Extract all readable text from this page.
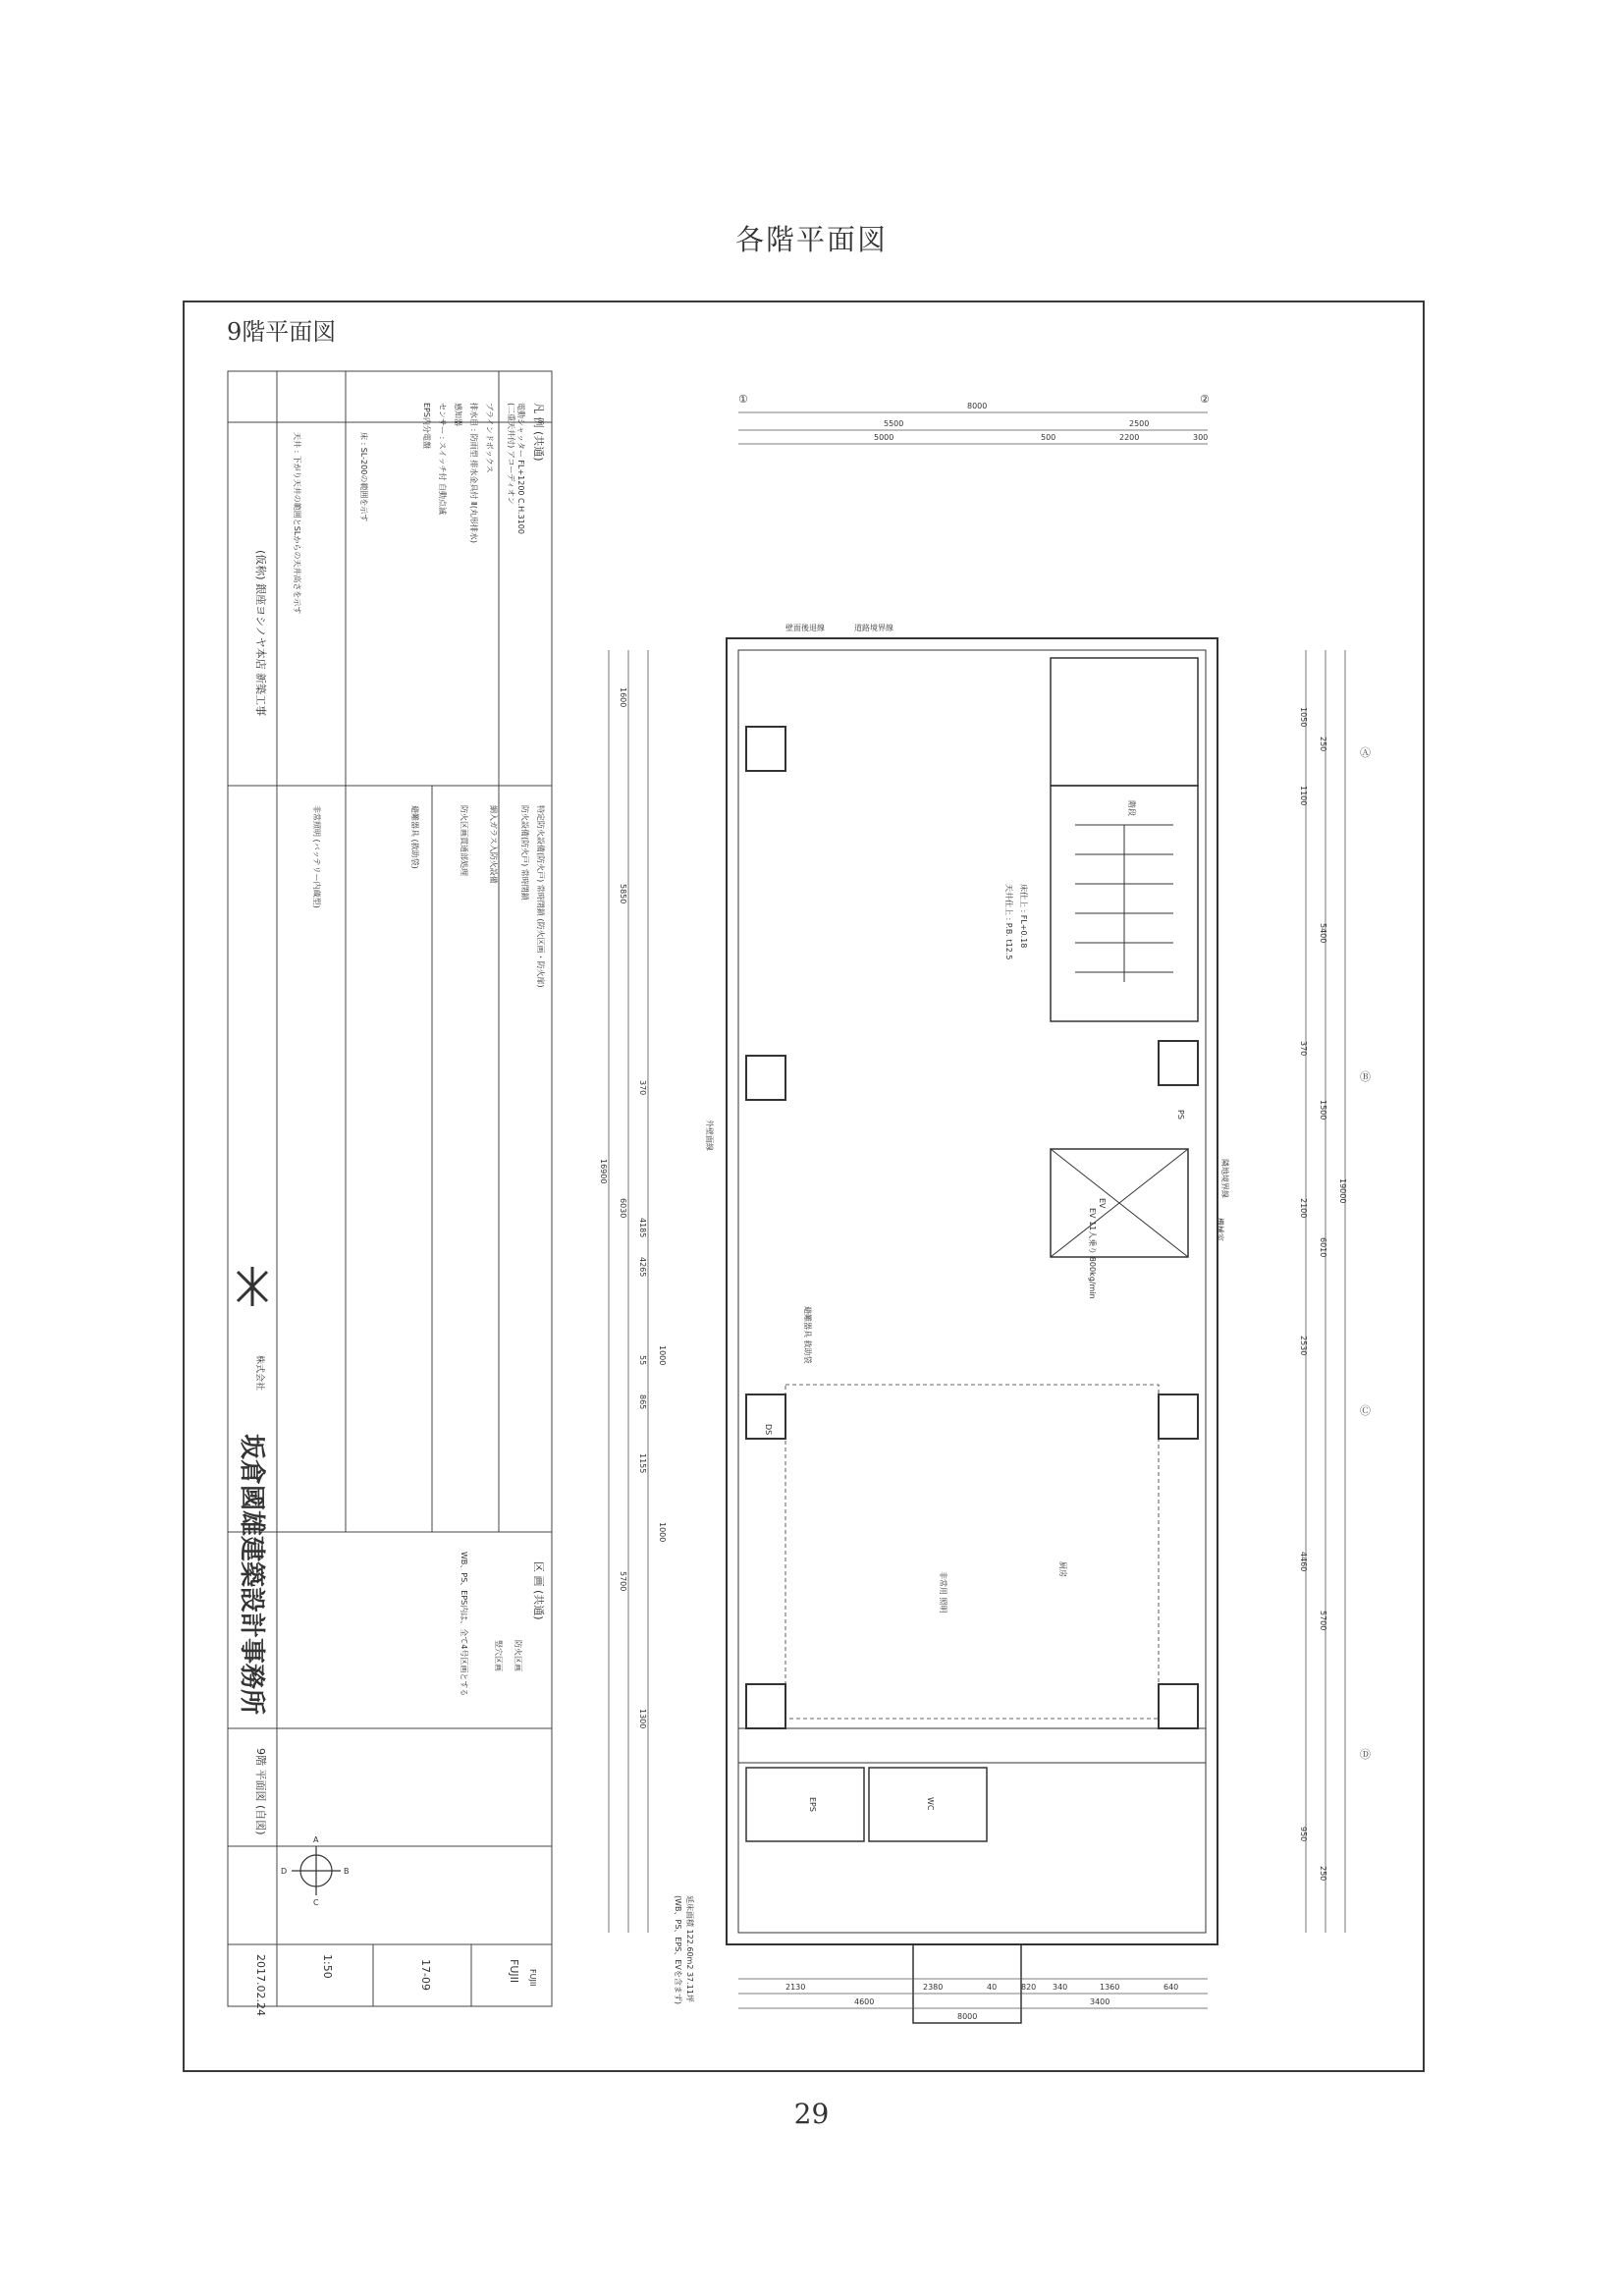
各階平面図
9階平面図
(仮称) 銀座ヨシノヤ本店 新築工事
株式会社
坂倉國雄建築設計事務所
9階 平面図 (自図)
1:50
2017.02.24	17-09	FUJII
A
B
C
D
凡 例 (共通)
電動シャッター FL+1200 C.H.3100
(二重天井付) アコーディオン
ブラインドボックス
排水目 : 防雨型 排水金具付 Ⅱ(丸形排水)
感知器
センサー : スイッチ付 自動点滅
EPS内分電盤
床 : SL-200の範囲を示す
天井 : 下がり天井の範囲とSLからの天井高さを示す
特定防火設備(防火戸) 常時閉鎖 (防火区画・防火扉)
防火設備(防火戸) 常時閉鎖
網入ガラス入防火設備
防火区画貫通部処理
避難器具 (救助袋)
非常照明 (バッテリー内蔵型)
区 画 (共通)
防火区画
竪穴区画
WB、PS、EPS内は、全て4号区画とする
①	②
Ⓐ
Ⓑ
Ⓒ
Ⓓ
8000
5500	2500
5000	500	2200	300
8000
4600	3400
2130	2380	40	820 340	1360	640
16900
1600
5850
370
4185
4265
6030
55
865
1155
1000
5700
1000
1300
1050
250
1100
5400
370
1500
19000
2100
6010
2530
4460
5700
950
250
EV
PS
EPS
DS
WC
階段
機械室
厨房
避難器具 救助袋
非常用 照明
床仕上 : FL+0.18
天井仕上 : P.B. t12.5
EV 11人乗り 800kg/min
隣地境界線
道路境界線
壁面後退線
外壁面線
延床面積 122.60m2 37.11坪
(WB、PS、EPS、EVを含まず)
FUJII
29
